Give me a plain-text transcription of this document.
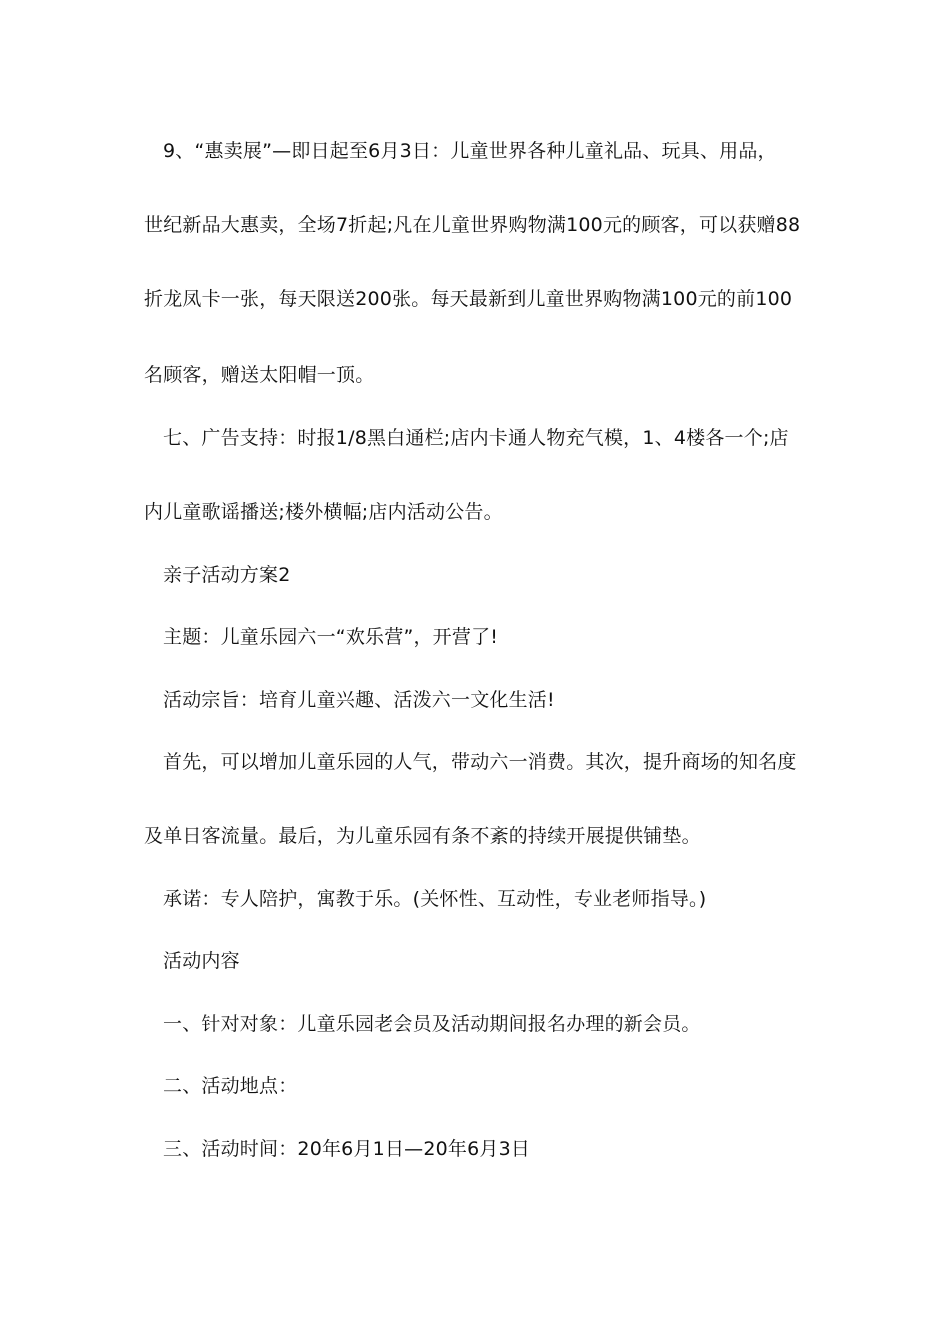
9、“惠卖展”—即日起至6月3日：儿童世界各种儿童礼品、玩具、用品，
世纪新品大惠卖，全场7折起;凡在儿童世界购物满100元的顾客，可以获赠88
折龙凤卡一张，每天限送200张。每天最新到儿童世界购物满100元的前100
名顾客，赠送太阳帽一顶。
七、广告支持：时报1/8黑白通栏;店内卡通人物充气模，1、4楼各一个;店
内儿童歌谣播送;楼外横幅;店内活动公告。
亲子活动方案2
主题：儿童乐园六一“欢乐营”，开营了!
活动宗旨：培育儿童兴趣、活泼六一文化生活!
首先，可以增加儿童乐园的人气，带动六一消费。其次，提升商场的知名度
及单日客流量。最后，为儿童乐园有条不紊的持续开展提供铺垫。
承诺：专人陪护，寓教于乐。(关怀性、互动性，专业老师指导。)
活动内容
一、针对对象：儿童乐园老会员及活动期间报名办理的新会员。
二、活动地点：
三、活动时间：20年6月1日—20年6月3日
